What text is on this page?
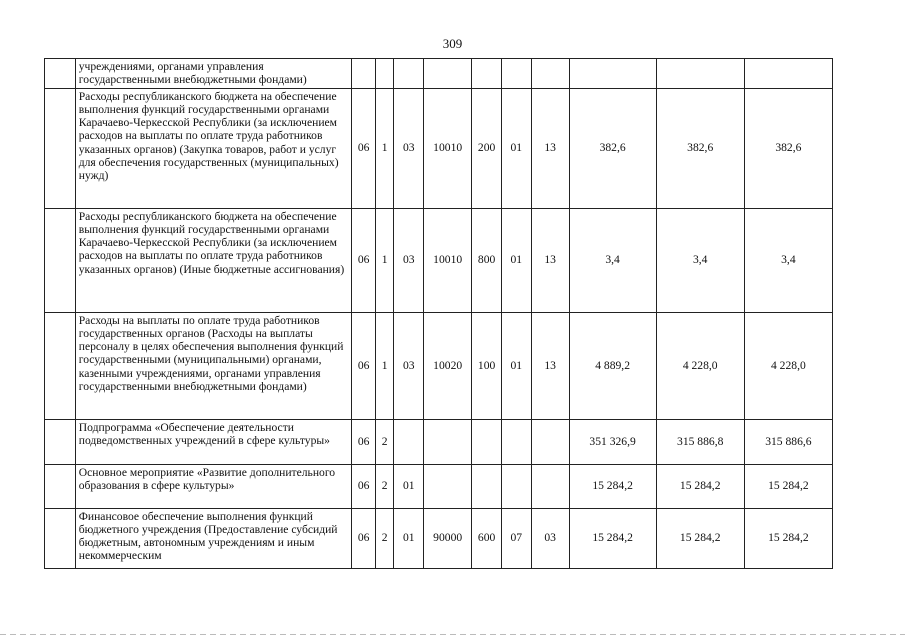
309
	учреждениями, органами управления государственными внебюджетными фондами)										
	Расходы республиканского бюджета на обеспечение выполнения функций государственными органами Карачаево-Черкесской Республики (за исключением расходов на выплаты по оплате труда работников указанных органов) (Закупка товаров, работ и услуг для обеспечения государственных (муниципальных) нужд)	06	1	03	10010	200	01	13	382,6	382,6	382,6
	Расходы республиканского бюджета на обеспечение выполнения функций государственными органами Карачаево-Черкесской Республики (за исключением расходов на выплаты по оплате труда работников указанных органов) (Иные бюджетные ассигнования)	06	1	03	10010	800	01	13	3,4	3,4	3,4
	Расходы на выплаты по оплате труда работников государственных органов (Расходы на выплаты персоналу в целях обеспечения выполнения функций государственными (муниципальными) органами, казенными учреждениями, органами управления государственными внебюджетными фондами)	06	1	03	10020	100	01	13	4 889,2	4 228,0	4 228,0
	Подпрограмма «Обеспечение деятельности подведомственных учреждений в сфере культуры»	06	2						351 326,9	315 886,8	315 886,6
	Основное мероприятие «Развитие дополнительного образования в сфере культуры»	06	2	01					15 284,2	15 284,2	15 284,2
	Финансовое обеспечение выполнения функций бюджетного учреждения (Предоставление субсидий бюджетным, автономным учреждениям и иным некоммерческим	06	2	01	90000	600	07	03	15 284,2	15 284,2	15 284,2
